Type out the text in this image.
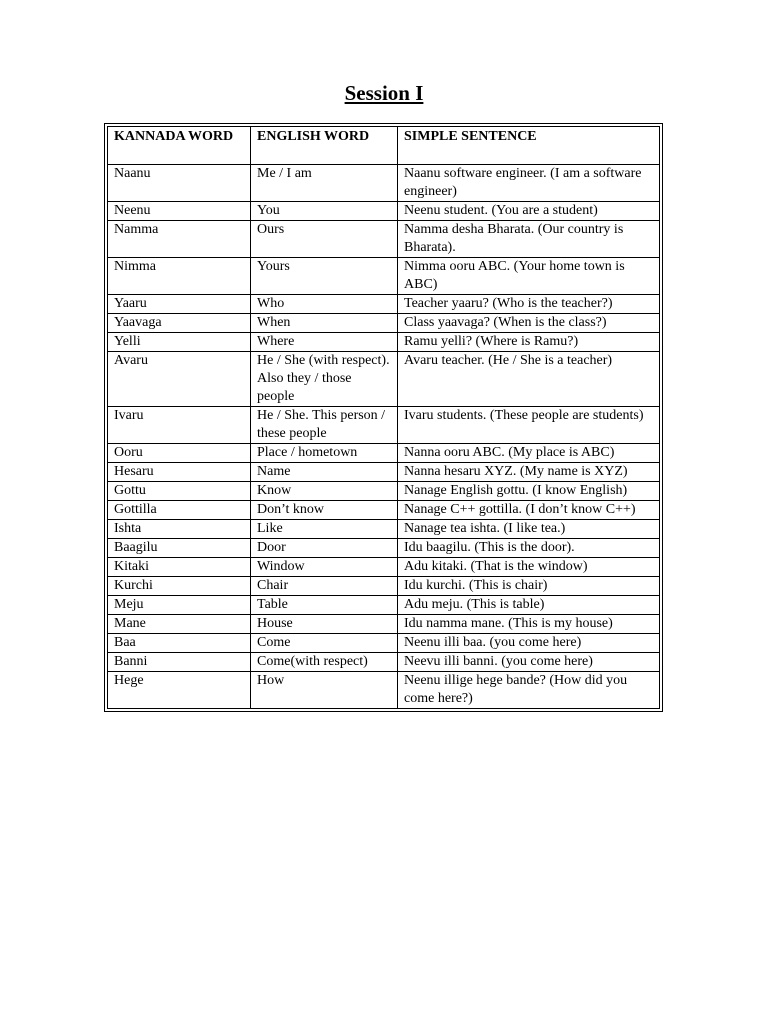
Session I
KANNADA WORD	ENGLISH WORD	SIMPLE SENTENCE
Naanu	Me / I am	Naanu software engineer. (I am a software engineer)
Neenu	You	Neenu student. (You are a student)
Namma	Ours	Namma desha Bharata. (Our country is Bharata).
Nimma	Yours	Nimma ooru ABC. (Your home town is ABC)
Yaaru	Who	Teacher yaaru? (Who is the teacher?)
Yaavaga	When	Class yaavaga? (When is the class?)
Yelli	Where	Ramu yelli? (Where is Ramu?)
Avaru	He / She (with respect). Also they / those people	Avaru teacher. (He / She is a teacher)
Ivaru	He / She. This person / these people	Ivaru students. (These people are students)
Ooru	Place / hometown	Nanna ooru ABC. (My place is ABC)
Hesaru	Name	Nanna hesaru XYZ. (My name is XYZ)
Gottu	Know	Nanage English gottu. (I know English)
Gottilla	Don’t know	Nanage C++ gottilla. (I don’t know C++)
Ishta	Like	Nanage tea ishta. (I like tea.)
Baagilu	Door	Idu baagilu. (This is the door).
Kitaki	Window	Adu kitaki. (That is the window)
Kurchi	Chair	Idu kurchi. (This is chair)
Meju	Table	Adu meju. (This is table)
Mane	House	Idu namma mane. (This is my house)
Baa	Come	Neenu illi baa. (you come here)
Banni	Come(with respect)	Neevu illi banni. (you come here)
Hege	How	Neenu illige hege bande? (How did you come here?)
